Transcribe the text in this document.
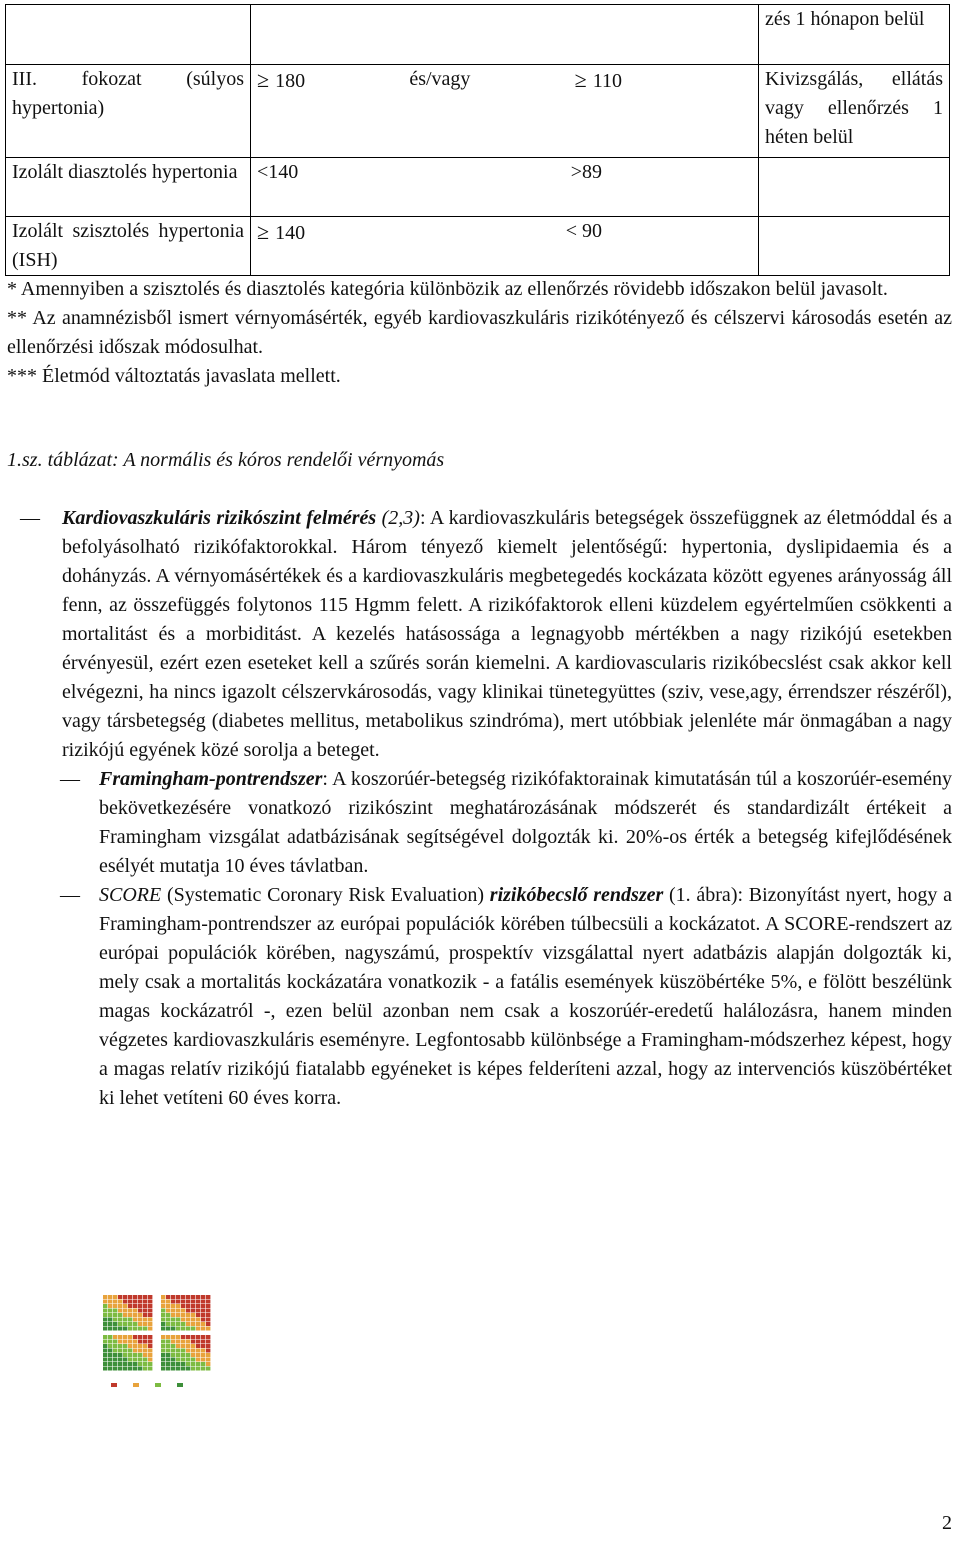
		zés 1 hónapon belül
III. fokozat (súlyos hypertonia)	≥ 180 és/vagy ≥ 110	Kivizsgálás, ellátás vagy ellenőrzés 1 héten belül
Izolált diasztolés hypertonia	<140 >89	

Izolált szisztolés hypertonia (ISH)	≥ 140 < 90	

* Amennyiben a szisztolés és diasztolés kategória különbözik az ellenőrzés rövidebb időszakon belül javasolt.

** Az anamnézisből ismert vérnyomásérték, egyéb kardiovaszkuláris rizikótényező és célszervi károsodás esetén az ellenőrzési időszak módosulhat.

*** Életmód változtatás javaslata mellett.

1.sz. táblázat: A normális és kóros rendelői vérnyomás
— Kardiovaszkuláris rizikószint felmérés (2,3): A kardiovaszkuláris betegségek összefüggnek az életmóddal és a befolyásolható rizikófaktorokkal. Három tényező kiemelt jelentőségű: hypertonia, dyslipidaemia és a dohányzás. A vérnyomásértékek és a kardiovaszkuláris megbetegedés kockázata között egyenes arányosság áll fenn, az összefüggés folytonos 115 Hgmm felett. A rizikófaktorok elleni küzdelem egyértelműen csökkenti a mortalitást és a morbiditást. A kezelés hatásossága a legnagyobb mértékben a nagy rizikójú esetekben érvényesül, ezért ezen eseteket kell a szűrés során kiemelni. A kardiovascularis rizikóbecslést csak akkor kell elvégezni, ha nincs igazolt célszervkárosodás, vagy klinikai tünetegyüttes (sziv, vese,agy, érrendszer részéről), vagy társbetegség (diabetes mellitus, metabolikus szindróma), mert utóbbiak jelenléte már önmagában a nagy rizikójú egyének közé sorolja a beteget.
— Framingham-pontrendszer: A koszorúér-betegség rizikófaktorainak kimutatásán túl a koszorúér-esemény bekövetkezésére vonatkozó rizikószint meghatározásának módszerét és standardizált értékeit a Framingham vizsgálat adatbázisának segítségével dolgozták ki. 20%-os érték a betegség kifejlődésének esélyét mutatja 10 éves távlatban.
— SCORE (Systematic Coronary Risk Evaluation) rizikóbecslő rendszer (1. ábra): Bizonyítást nyert, hogy a Framingham-pontrendszer az európai populációk körében túlbecsüli a kockázatot. A SCORE-rendszert az európai populációk körében, nagyszámú, prospektív vizsgálattal nyert adatbázis alapján dolgozták ki, mely csak a mortalitás kockázatára vonatkozik - a fatális események küszöbértéke 5%, e fölött beszélünk magas kockázatról -, ezen belül azonban nem csak a koszorúér-eredetű halálozásra, hanem minden végzetes kardiovaszkuláris eseményre. Legfontosabb különbsége a Framingham-módszerhez képest, hogy a magas relatív rizikójú fiatalabb egyéneket is képes felderíteni azzal, hogy az intervenciós küszöbértéket ki lehet vetíteni 60 éves korra.
2
